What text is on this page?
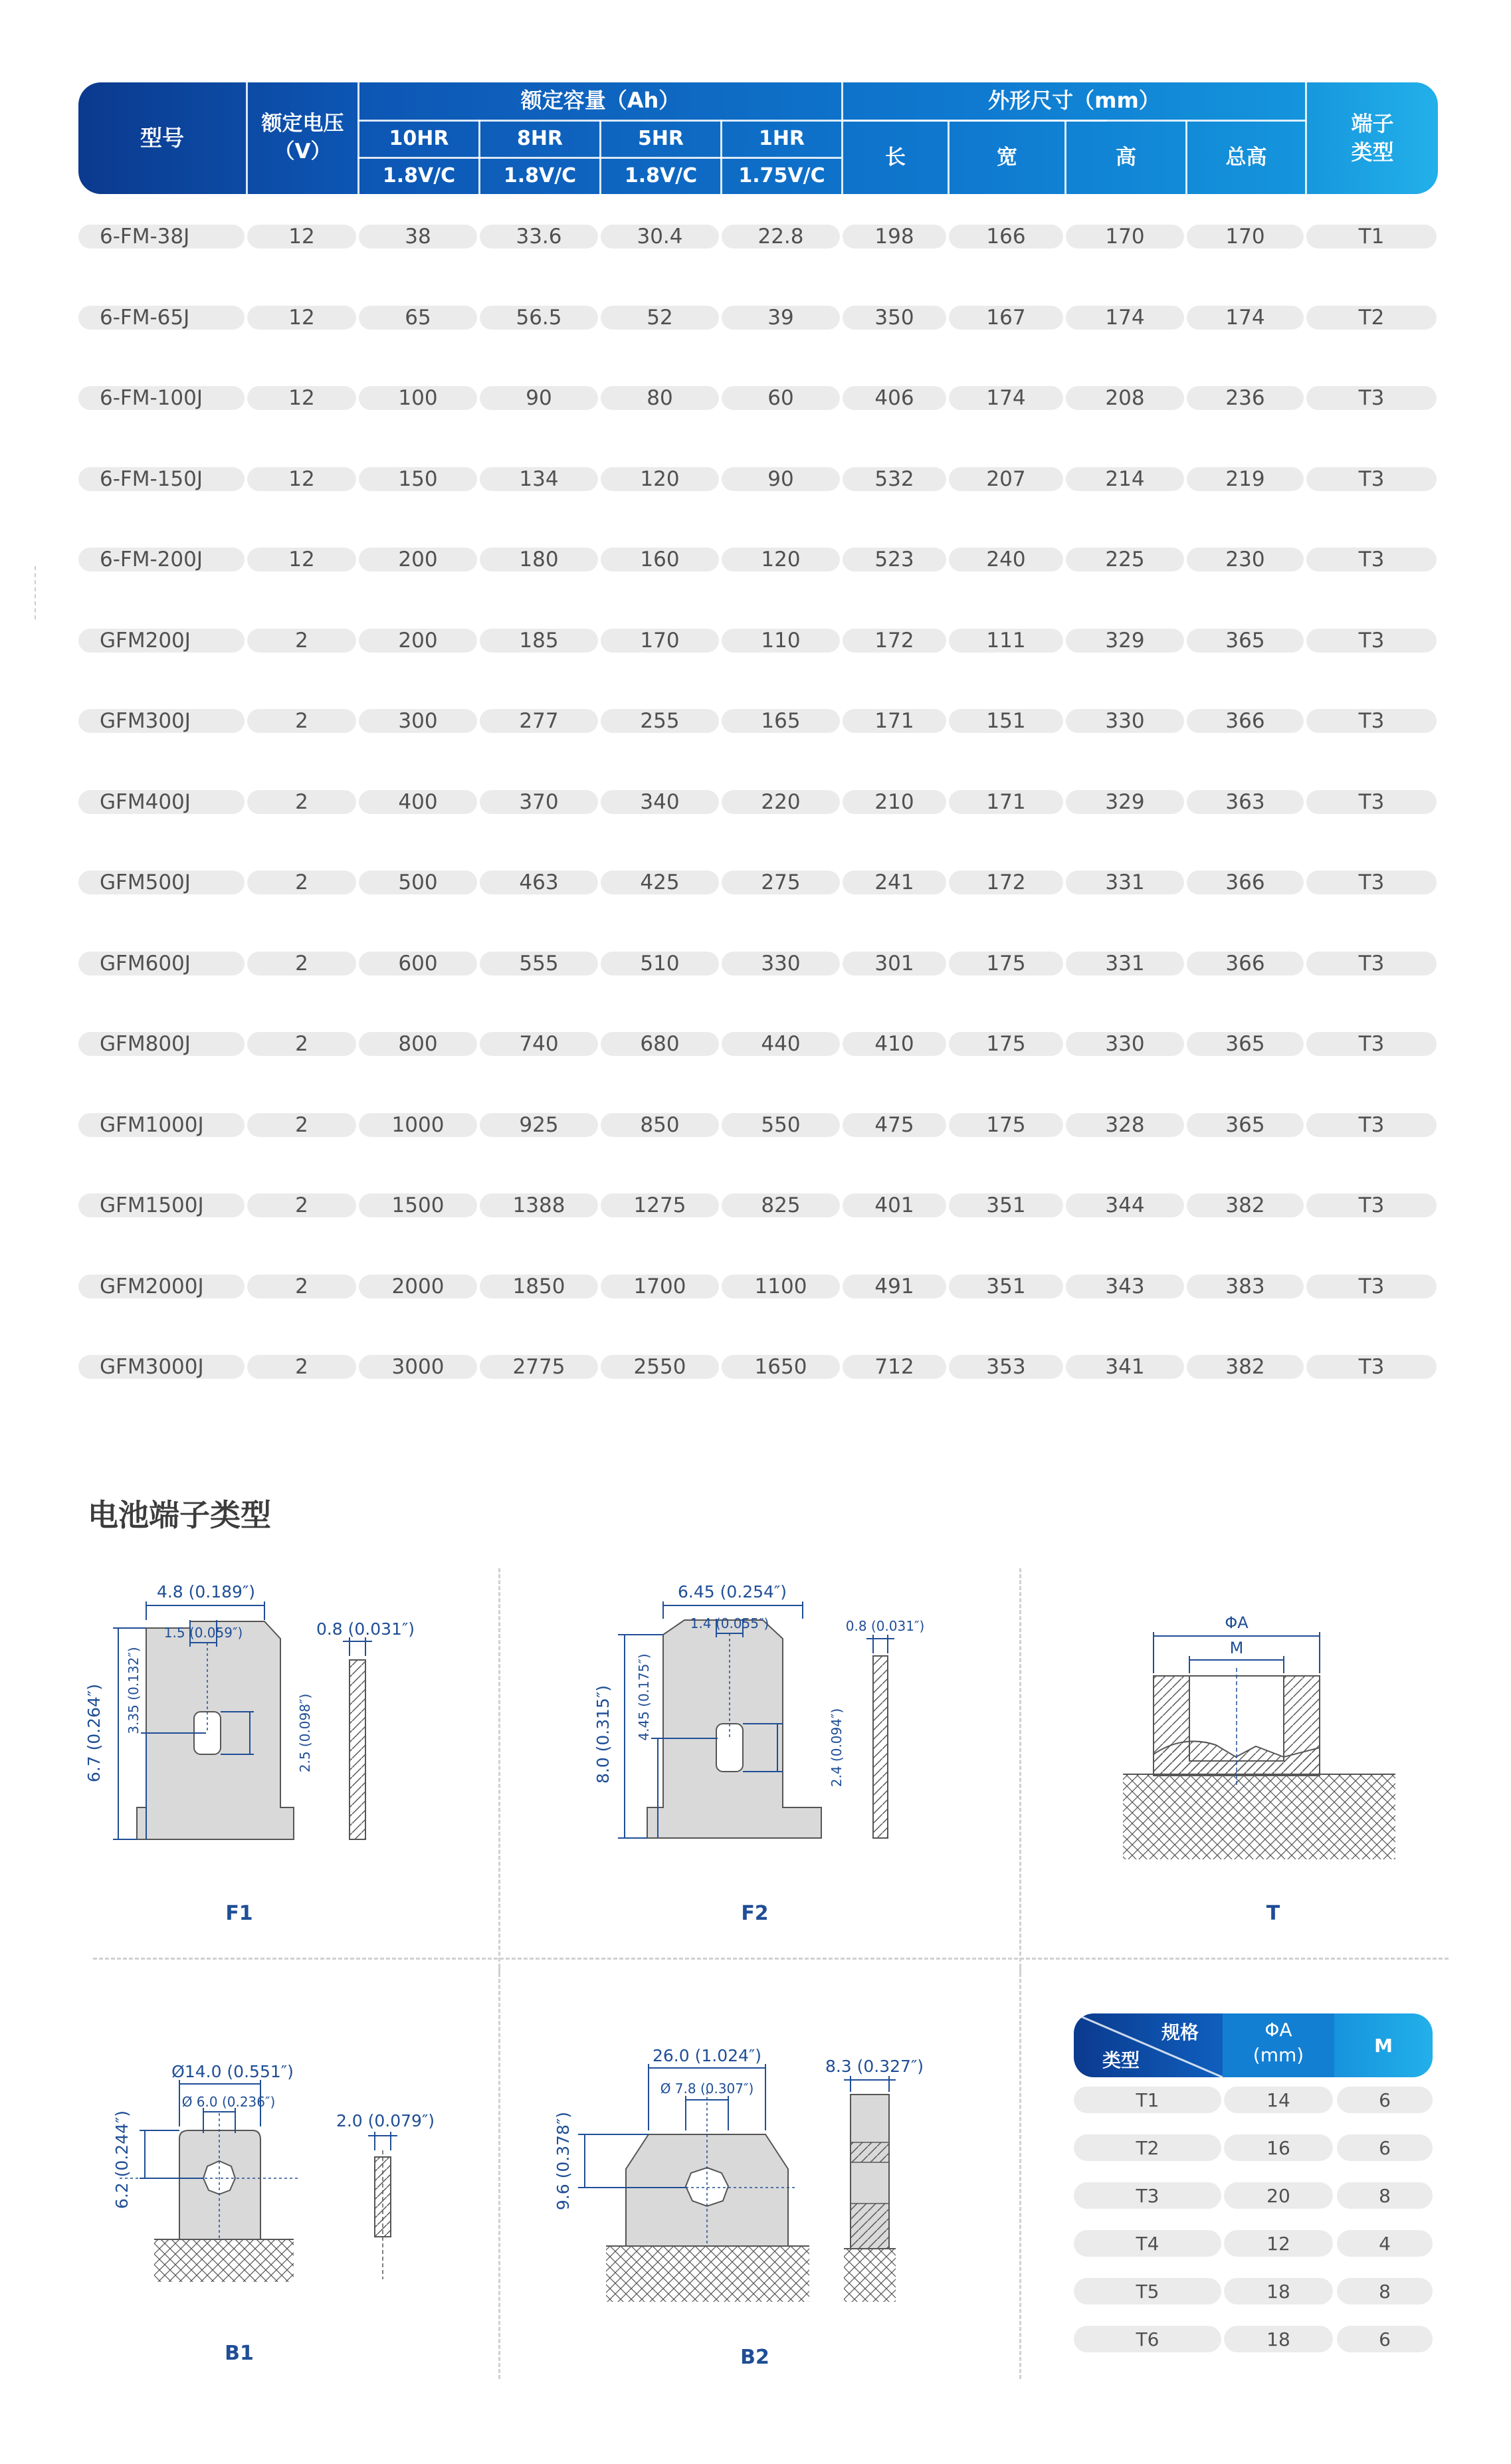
型号
额定电压
（V）
额定容量（Ah）
10HR	8HR	5HR	1HR
1.8V/C	1.8V/C	1.8V/C	1.75V/C
外形尺寸（mm）
长	宽	高	总高
端子
类型
6-FM-38J	12	38	33.6	30.4	22.8	198	166	170	170	T1
6-FM-65J	12	65	56.5	52	39	350	167	174	174	T2
6-FM-100J	12	100	90	80	60	406	174	208	236	T3
6-FM-150J	12	150	134	120	90	532	207	214	219	T3
6-FM-200J	12	200	180	160	120	523	240	225	230	T3
GFM200J	2	200	185	170	110	172	111	329	365	T3
GFM300J	2	300	277	255	165	171	151	330	366	T3
GFM400J	2	400	370	340	220	210	171	329	363	T3
GFM500J	2	500	463	425	275	241	172	331	366	T3
GFM600J	2	600	555	510	330	301	175	331	366	T3
GFM800J	2	800	740	680	440	410	175	330	365	T3
GFM1000J	2	1000	925	850	550	475	175	328	365	T3
GFM1500J	2	1500	1388	1275	825	401	351	344	382	T3
GFM2000J	2	2000	1850	1700	1100	491	351	343	383	T3
GFM3000J	2	3000	2775	2550	1650	712	353	341	382	T3
电池端子类型
F1	F2	T
B1	B2
规格
类型
ΦA
(mm)	M
T1	14	6
T2	16	6
T3	20	8
T4	12	4
T5	18	8
T6	18	6
4.8 (0.189″)
1.5 (0.059″)	0.8 (0.031″)
6.7 (0.264″) 3.35 (0.132″)	2.5 (0.098″)
6.45 (0.254″)
1.4 (0.055″)	0.8 (0.031″)
8.0 (0.315″) 4.45 (0.175″)
2.4 (0.094″)
ΦA
M
Ø14.0 (0.551″)
Ø 6.0 (0.236″)
2.0 (0.079″)
6.2 (0.244″)
26.0 (1.024″)
Ø 7.8 (0.307″)
8.3 (0.327″)
9.6 (0.378″)
